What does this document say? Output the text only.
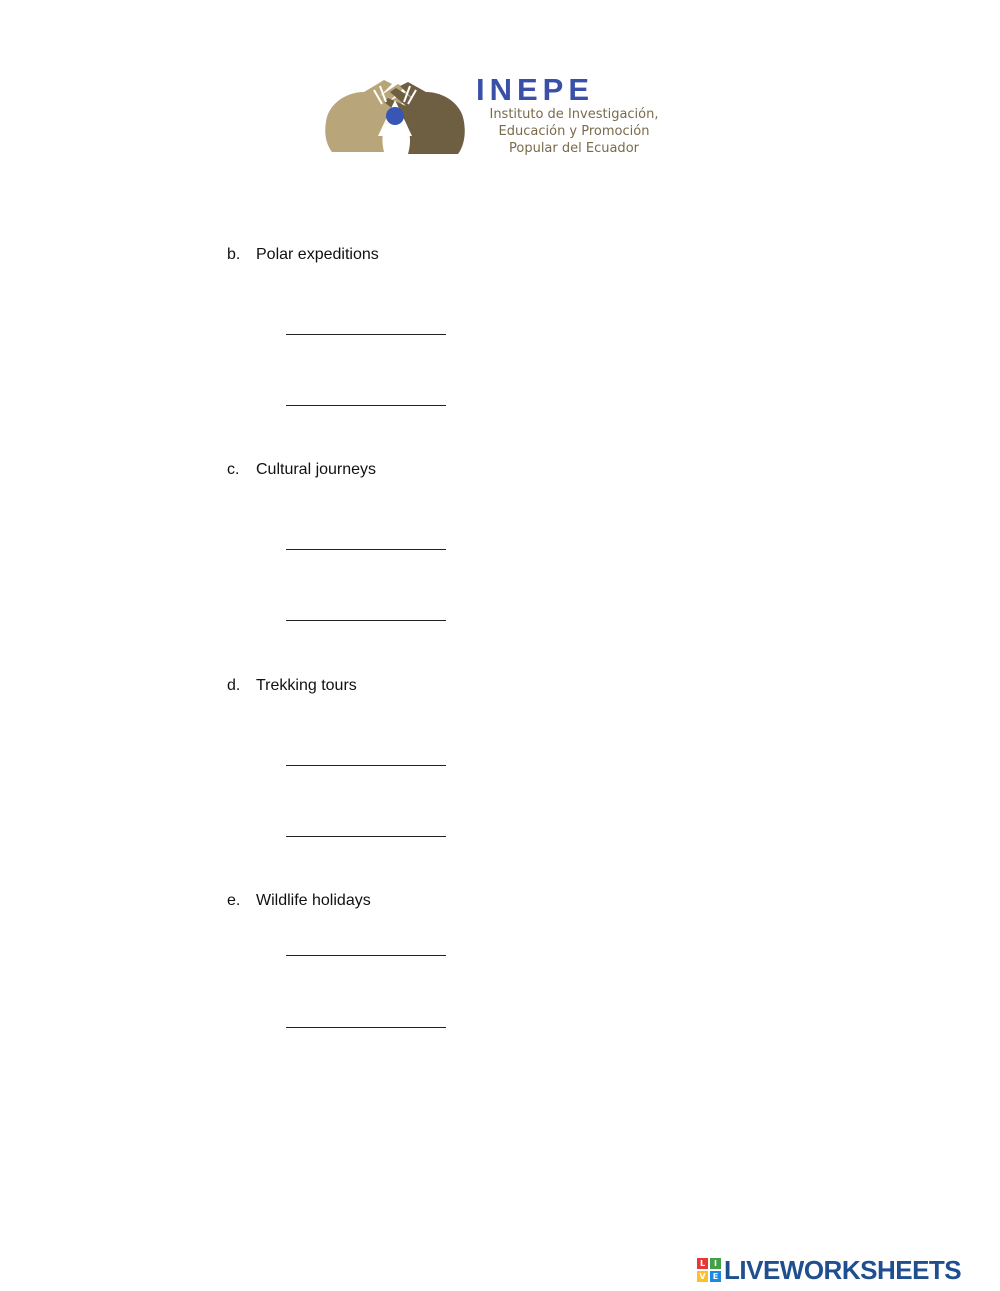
INEPE
Instituto de Investigación,
Educación y Promoción
Popular del Ecuador
b. Polar expeditions
c. Cultural journeys
d. Trekking tours
e. Wildlife holidays
L	I
V E LIVEWORKSHEETS
